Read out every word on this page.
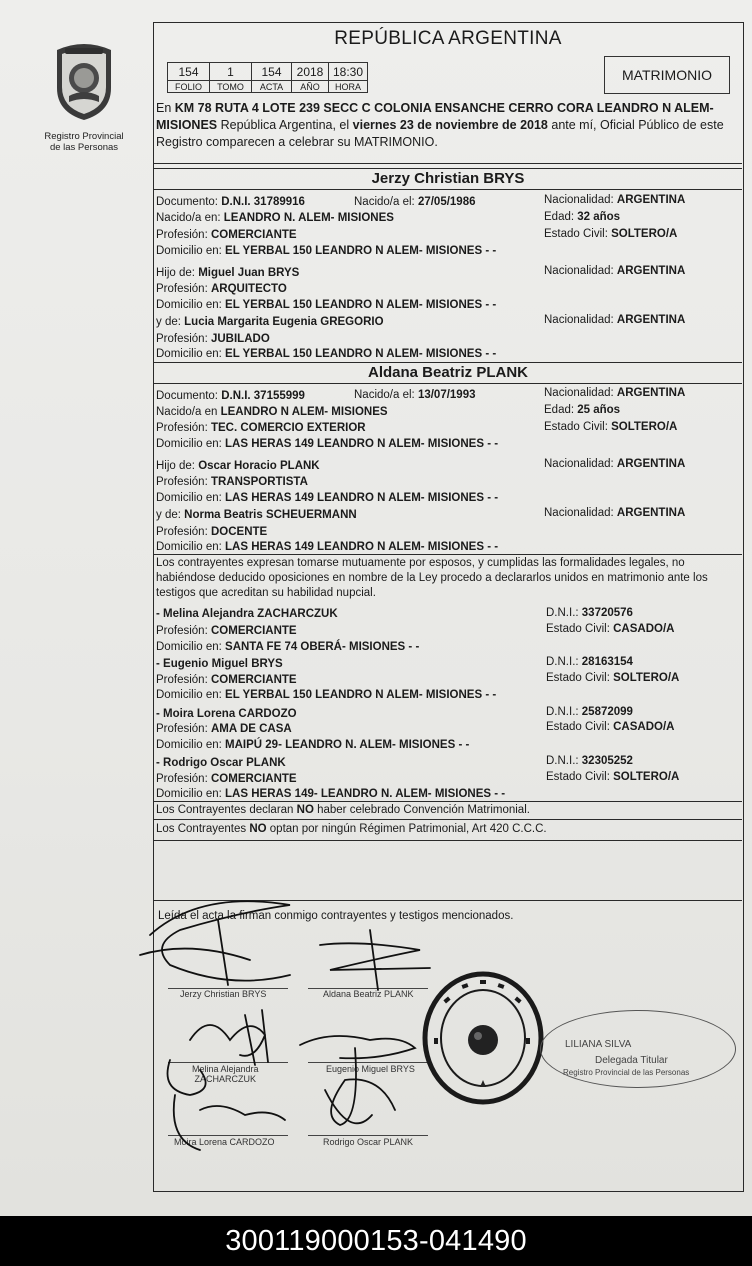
Registro Provincial
de las Personas
REPÚBLICA ARGENTINA
154	1	154	2018	18:30
FOLIO	TOMO	ACTA	AÑO	HORA
MATRIMONIO
En KM 78 RUTA 4 LOTE 239 SECC C COLONIA ENSANCHE CERRO CORA LEANDRO N ALEM- MISIONES República Argentina, el viernes 23 de noviembre de 2018 ante mí, Oficial Público de este Registro comparecen a celebrar su MATRIMONIO.
Jerzy Christian BRYS
Documento: D.N.I. 31789916	Nacido/a el: 27/05/1986	Nacionalidad: ARGENTINA
Nacido/a en: LEANDRO N. ALEM- MISIONES	Edad: 32 años
Profesión: COMERCIANTE	Estado Civil: SOLTERO/A
Domicilio en: EL YERBAL 150 LEANDRO N ALEM- MISIONES - -
Hijo de: Miguel Juan BRYS	Nacionalidad: ARGENTINA
Profesión: ARQUITECTO
Domicilio en: EL YERBAL 150 LEANDRO N ALEM- MISIONES - -
y de: Lucia Margarita Eugenia GREGORIO	Nacionalidad: ARGENTINA
Profesión: JUBILADO
Domicilio en: EL YERBAL 150 LEANDRO N ALEM- MISIONES - -
Aldana Beatriz PLANK
Documento: D.N.I. 37155999	Nacido/a el: 13/07/1993	Nacionalidad: ARGENTINA
Nacido/a en LEANDRO N ALEM- MISIONES	Edad: 25 años
Profesión: TEC. COMERCIO EXTERIOR	Estado Civil: SOLTERO/A
Domicilio en: LAS HERAS 149 LEANDRO N ALEM- MISIONES - -
Hijo de: Oscar Horacio PLANK	Nacionalidad: ARGENTINA
Profesión: TRANSPORTISTA
Domicilio en: LAS HERAS 149 LEANDRO N ALEM- MISIONES - -
y de: Norma Beatris SCHEUERMANN	Nacionalidad: ARGENTINA
Profesión: DOCENTE
Domicilio en: LAS HERAS 149 LEANDRO N ALEM- MISIONES - -
Los contrayentes expresan tomarse mutuamente por esposos, y cumplidas las formalidades legales, no habiéndose deducido oposiciones en nombre de la Ley procedo a declararlos unidos en matrimonio ante los testigos que acreditan su habilidad nupcial.
- Melina Alejandra ZACHARCZUK	D.N.I.: 33720576
Profesión: COMERCIANTE	Estado Civil: CASADO/A
Domicilio en: SANTA FE 74 OBERÁ- MISIONES - -
- Eugenio Miguel BRYS	D.N.I.: 28163154
Profesión: COMERCIANTE	Estado Civil: SOLTERO/A
Domicilio en: EL YERBAL 150 LEANDRO N ALEM- MISIONES - -
- Moira Lorena CARDOZO	D.N.I.: 25872099
Profesión: AMA DE CASA	Estado Civil: CASADO/A
Domicilio en: MAIPÚ 29- LEANDRO N. ALEM- MISIONES - -
- Rodrigo Oscar PLANK	D.N.I.: 32305252
Profesión: COMERCIANTE	Estado Civil: SOLTERO/A
Domicilio en: LAS HERAS 149- LEANDRO N. ALEM- MISIONES - -
Los Contrayentes declaran NO haber celebrado Convención Matrimonial.
Los Contrayentes NO optan por ningún Régimen Patrimonial, Art 420 C.C.C.
Leída el acta la firman conmigo contrayentes y testigos mencionados.
Jerzy Christian BRYS	Aldana Beatriz PLANK
Melina Alejandra
ZACHARCZUK
Eugenio Miguel BRYS
Moira Lorena CARDOZO	Rodrigo Oscar PLANK
LILIANA SILVA
Delegada Titular
Registro Provincial de las Personas
300119000153-041490
